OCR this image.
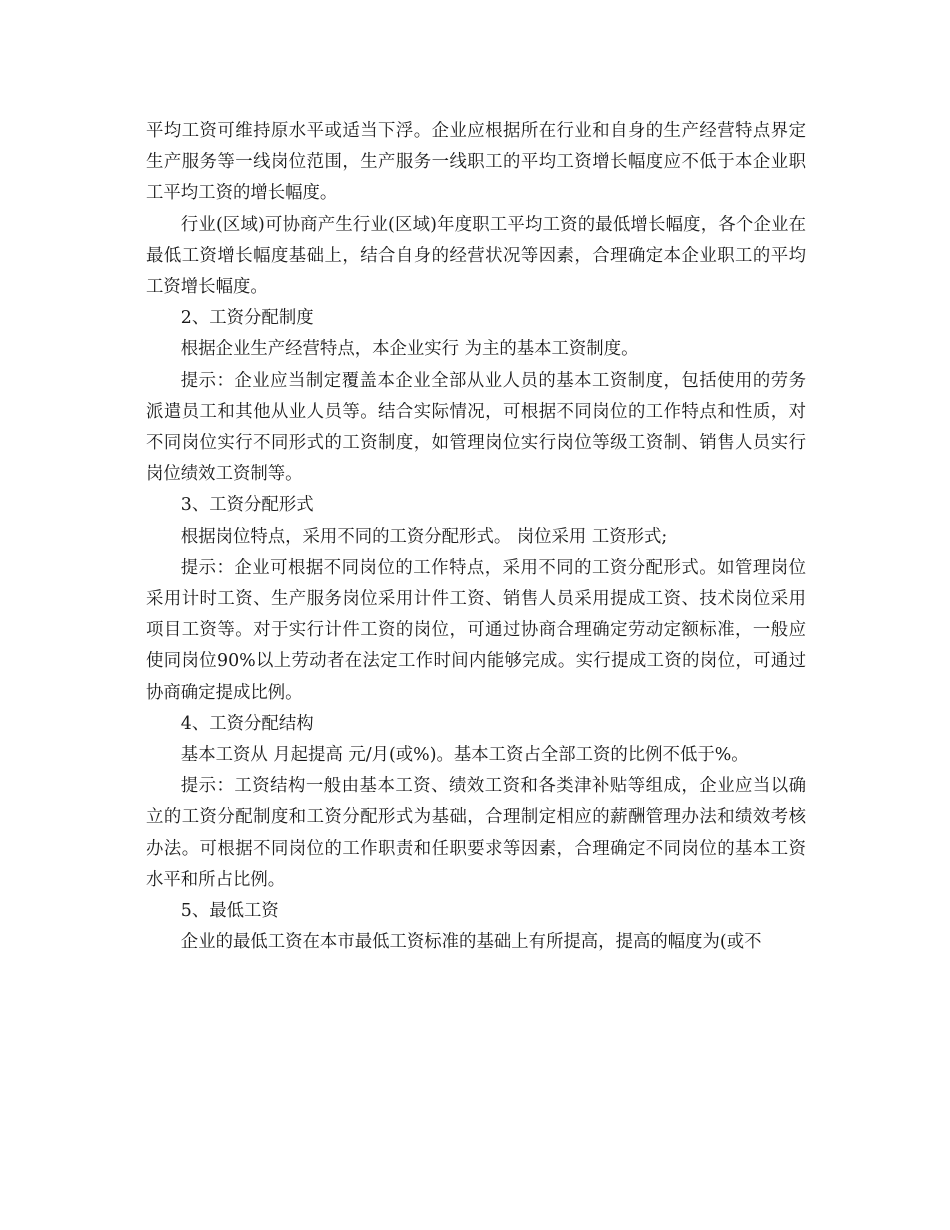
平均工资可维持原水平或适当下浮。企业应根据所在行业和自身的生产经营特点界定生产服务等一线岗位范围，生产服务一线职工的平均工资增长幅度应不低于本企业职工平均工资的增长幅度。

行业(区域)可协商产生行业(区域)年度职工平均工资的最低增长幅度，各个企业在最低工资增长幅度基础上，结合自身的经营状况等因素，合理确定本企业职工的平均工资增长幅度。

2、工资分配制度

根据企业生产经营特点，本企业实行 为主的基本工资制度。

提示：企业应当制定覆盖本企业全部从业人员的基本工资制度，包括使用的劳务派遣员工和其他从业人员等。结合实际情况，可根据不同岗位的工作特点和性质，对不同岗位实行不同形式的工资制度，如管理岗位实行岗位等级工资制、销售人员实行岗位绩效工资制等。

3、工资分配形式

根据岗位特点，采用不同的工资分配形式。 岗位采用 工资形式;

提示：企业可根据不同岗位的工作特点，采用不同的工资分配形式。如管理岗位采用计时工资、生产服务岗位采用计件工资、销售人员采用提成工资、技术岗位采用项目工资等。对于实行计件工资的岗位，可通过协商合理确定劳动定额标准，一般应使同岗位90%以上劳动者在法定工作时间内能够完成。实行提成工资的岗位，可通过协商确定提成比例。

4、工资分配结构

基本工资从 月起提高 元/月(或%)。基本工资占全部工资的比例不低于%。

提示：工资结构一般由基本工资、绩效工资和各类津补贴等组成，企业应当以确立的工资分配制度和工资分配形式为基础，合理制定相应的薪酬管理办法和绩效考核办法。可根据不同岗位的工作职责和任职要求等因素，合理确定不同岗位的基本工资水平和所占比例。

5、最低工资

企业的最低工资在本市最低工资标准的基础上有所提高，提高的幅度为(或不
